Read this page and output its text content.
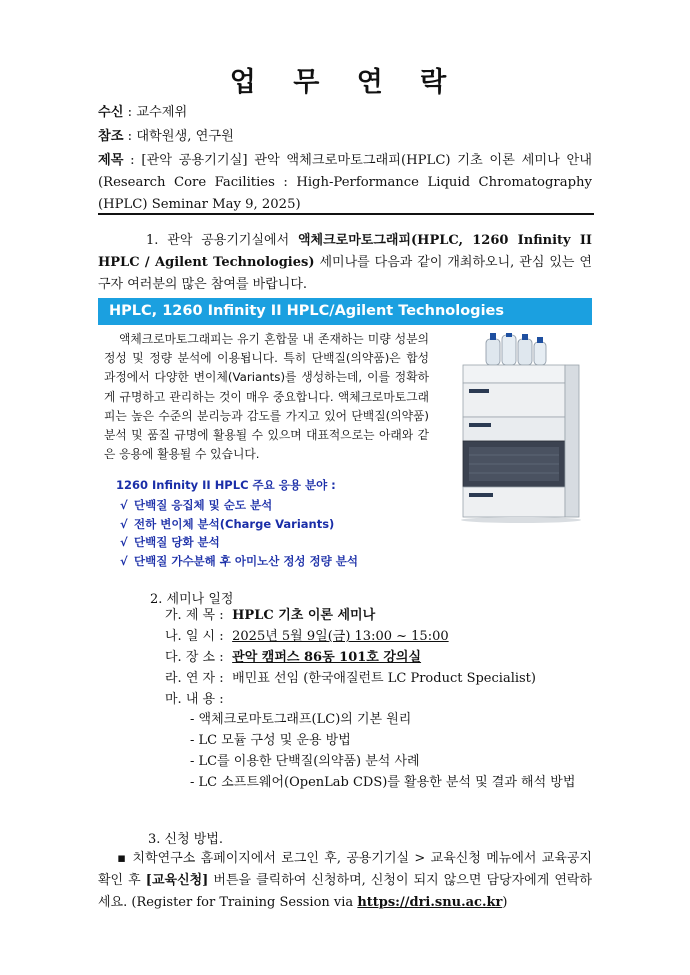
업 무 연 락
수신 : 교수제위
참조 : 대학원생, 연구원
제목 : [관악 공용기기실] 관악 액체크로마토그래피(HPLC) 기초 이론 세미나 안내 (Research Core Facilities : High-Performance Liquid Chromatography (HPLC) Seminar May 9, 2025)
1. 관악 공용기기실에서 액체크로마토그래피(HPLC, 1260 Infinity II HPLC / Agilent Technologies) 세미나를 다음과 같이 개최하오니, 관심 있는 연구자 여러분의 많은 참여를 바랍니다.
HPLC, 1260 Infinity II HPLC/Agilent Technologies
액체크로마토그래피는 유기 혼합물 내 존재하는 미량 성분의 정성 및 정량 분석에 이용됩니다. 특히 단백질(의약품)은 합성 과정에서 다양한 변이체(Variants)를 생성하는데, 이를 정확하게 규명하고 관리하는 것이 매우 중요합니다. 액체크로마토그래피는 높은 수준의 분리능과 감도를 가지고 있어 단백질(의약품) 분석 및 품질 규명에 활용될 수 있으며 대표적으로는 아래와 같은 응용에 활용될 수 있습니다.
1260 Infinity II HPLC 주요 응용 분야 :
√ 단백질 응집체 및 순도 분석
√ 전하 변이체 분석(Charge Variants)
√ 단백질 당화 분석
√ 단백질 가수분해 후 아미노산 정성 정량 분석
2. 세미나 일정
가. 제 목 : HPLC 기초 이론 세미나
나. 일 시 : 2025년 5월 9일(금) 13:00 ~ 15:00
다. 장 소 : 관악 캠퍼스 86동 101호 강의실
라. 연 자 : 배민표 선임 (한국애질런트 LC Product Specialist)
마. 내 용 :
- 액체크로마토그래프(LC)의 기본 원리
- LC 모듈 구성 및 운용 방법
- LC를 이용한 단백질(의약품) 분석 사례
- LC 소프트웨어(OpenLab CDS)를 활용한 분석 및 결과 해석 방법
3. 신청 방법.
▪ 치학연구소 홈페이지에서 로그인 후, 공용기기실 > 교육신청 메뉴에서 교육공지 확인 후 [교육신청] 버튼을 클릭하여 신청하며, 신청이 되지 않으면 담당자에게 연락하세요. (Register for Training Session via https://dri.snu.ac.kr)
